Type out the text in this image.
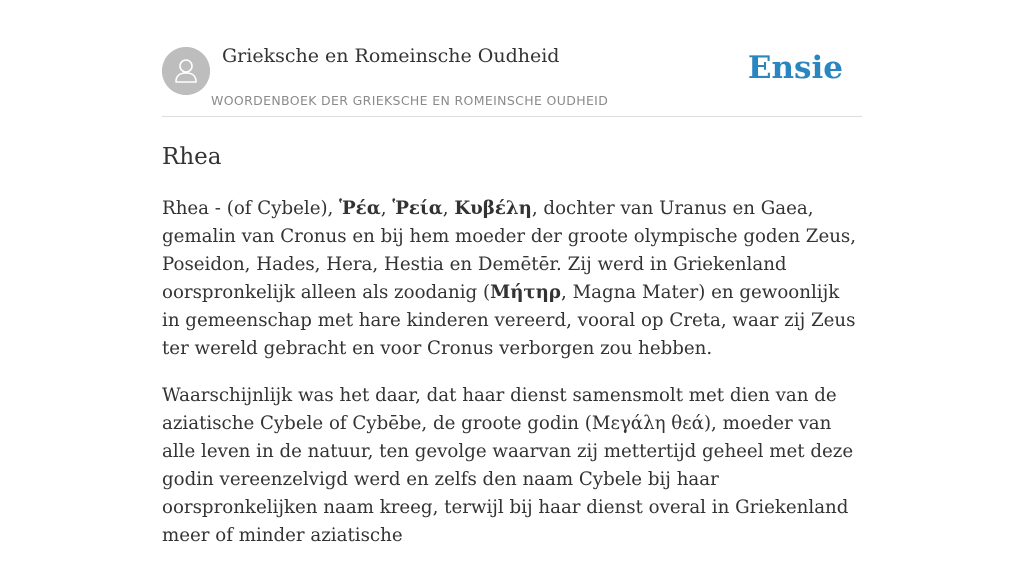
Grieksche en Romeinsche Oudheid
WOORDENBOEK DER GRIEKSCHE EN ROMEINSCHE OUDHEID
Ensie
Rhea

Rhea - (of Cybele), Ῥέα, Ῥεία, Κυβέλη, dochter van Uranus en Gaea, gemalin van Cronus en bij hem moeder der groote olympische goden Zeus, Poseidon, Hades, Hera, Hestia en Demētēr. Zij werd in Griekenland oorspronkelijk alleen als zoodanig (Μήτηρ, Magna Mater) en gewoonlijk in gemeenschap met hare kinderen vereerd, vooral op Creta, waar zij Zeus ter wereld gebracht en voor Cronus verborgen zou hebben.

Waarschijnlijk was het daar, dat haar dienst samensmolt met dien van de aziatische Cybele of Cybēbe, de groote godin (Μεγάλη θεά), moeder van alle leven in de natuur, ten gevolge waarvan zij mettertijd geheel met deze godin vereenzelvigd werd en zelfs den naam Cybele bij haar oorspronkelijken naam kreeg, terwijl bij haar dienst overal in Griekenland meer of minder aziatische
